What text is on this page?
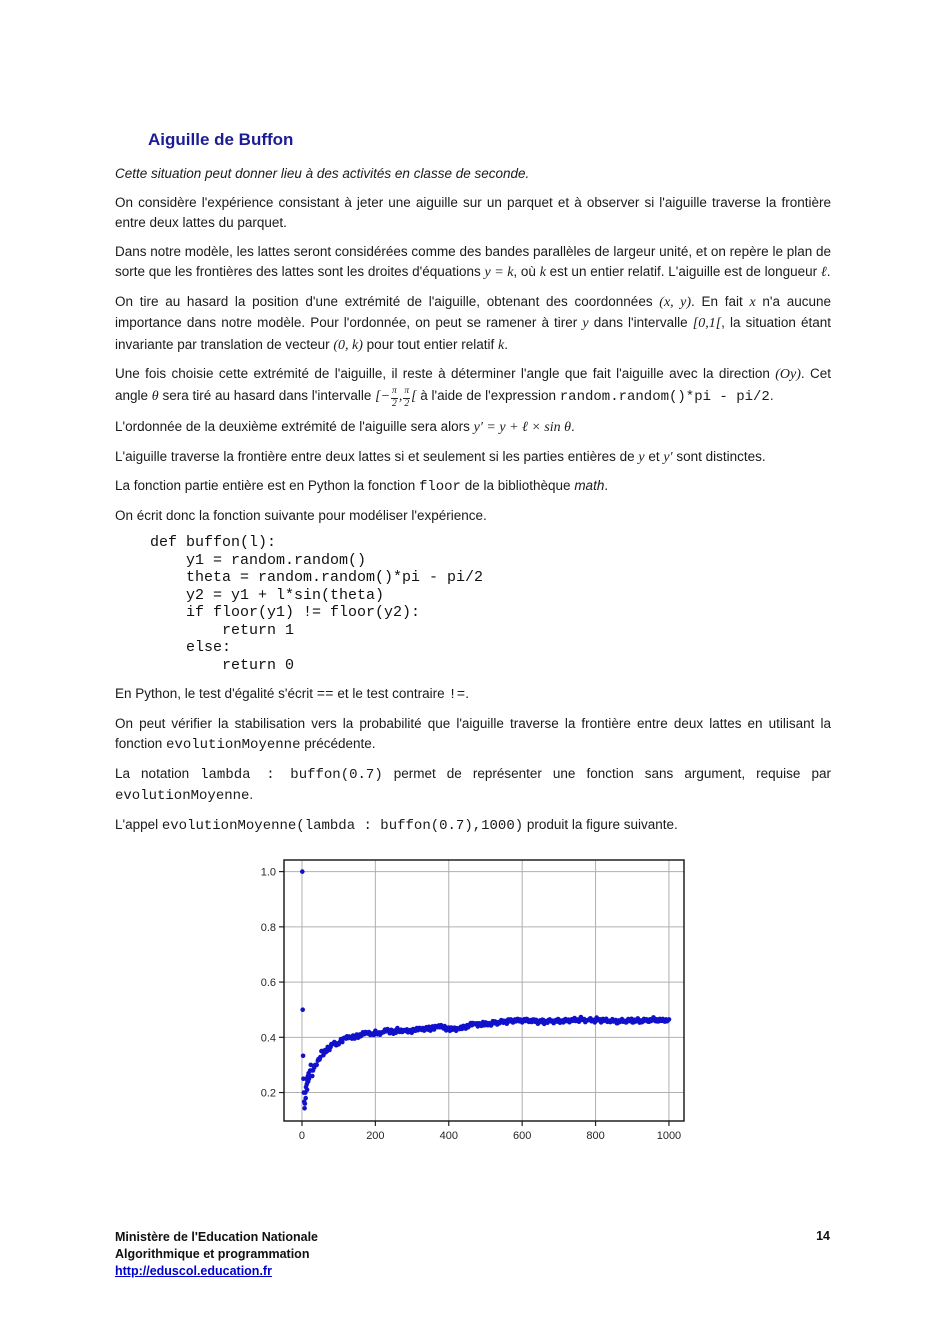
Aiguille de Buffon

Cette situation peut donner lieu à des activités en classe de seconde.

On considère l'expérience consistant à jeter une aiguille sur un parquet et à observer si l'aiguille traverse la frontière entre deux lattes du parquet.

Dans notre modèle, les lattes seront considérées comme des bandes parallèles de largeur unité, et on repère le plan de sorte que les frontières des lattes sont les droites d'équations y = k, où k est un entier relatif. L'aiguille est de longueur ℓ.

On tire au hasard la position d'une extrémité de l'aiguille, obtenant des coordonnées (x, y). En fait x n'a aucune importance dans notre modèle. Pour l'ordonnée, on peut se ramener à tirer y dans l'intervalle [0,1[, la situation étant invariante par translation de vecteur (0, k) pour tout entier relatif k.

Une fois choisie cette extrémité de l'aiguille, il reste à déterminer l'angle que fait l'aiguille avec la direction (Oy). Cet angle θ sera tiré au hasard dans l'intervalle [− $\frac{\pi}{2}$ , $\frac{\pi}{2}$ [ à l'aide de l'expression random.random()*pi - pi/2.

L'ordonnée de la deuxième extrémité de l'aiguille sera alors y′ = y + ℓ × sin θ.

L'aiguille traverse la frontière entre deux lattes si et seulement si les parties entières de y et y′ sont distinctes.

La fonction partie entière est en Python la fonction floor de la bibliothèque math.

On écrit donc la fonction suivante pour modéliser l'expérience.

def buffon(l):
y1 = random.random()
theta = random.random()*pi - pi/2
y2 = y1 + l*sin(theta)
if floor(y1) != floor(y2):
return 1
else:
return 0

En Python, le test d'égalité s'écrit == et le test contraire !=.

On peut vérifier la stabilisation vers la probabilité que l'aiguille traverse la frontière entre deux lattes en utilisant la fonction evolutionMoyenne précédente.

La notation lambda : buffon(0.7) permet de représenter une fonction sans argument, requise par evolutionMoyenne.

L'appel evolutionMoyenne(lambda : buffon(0.7),1000) produit la figure suivante.

0.2
0.4
0.6
0.8
1.0
0	200	400	600	800	1000
Ministère de l'Education Nationale
Algorithmique et programmation
http://eduscol.education.fr
14
